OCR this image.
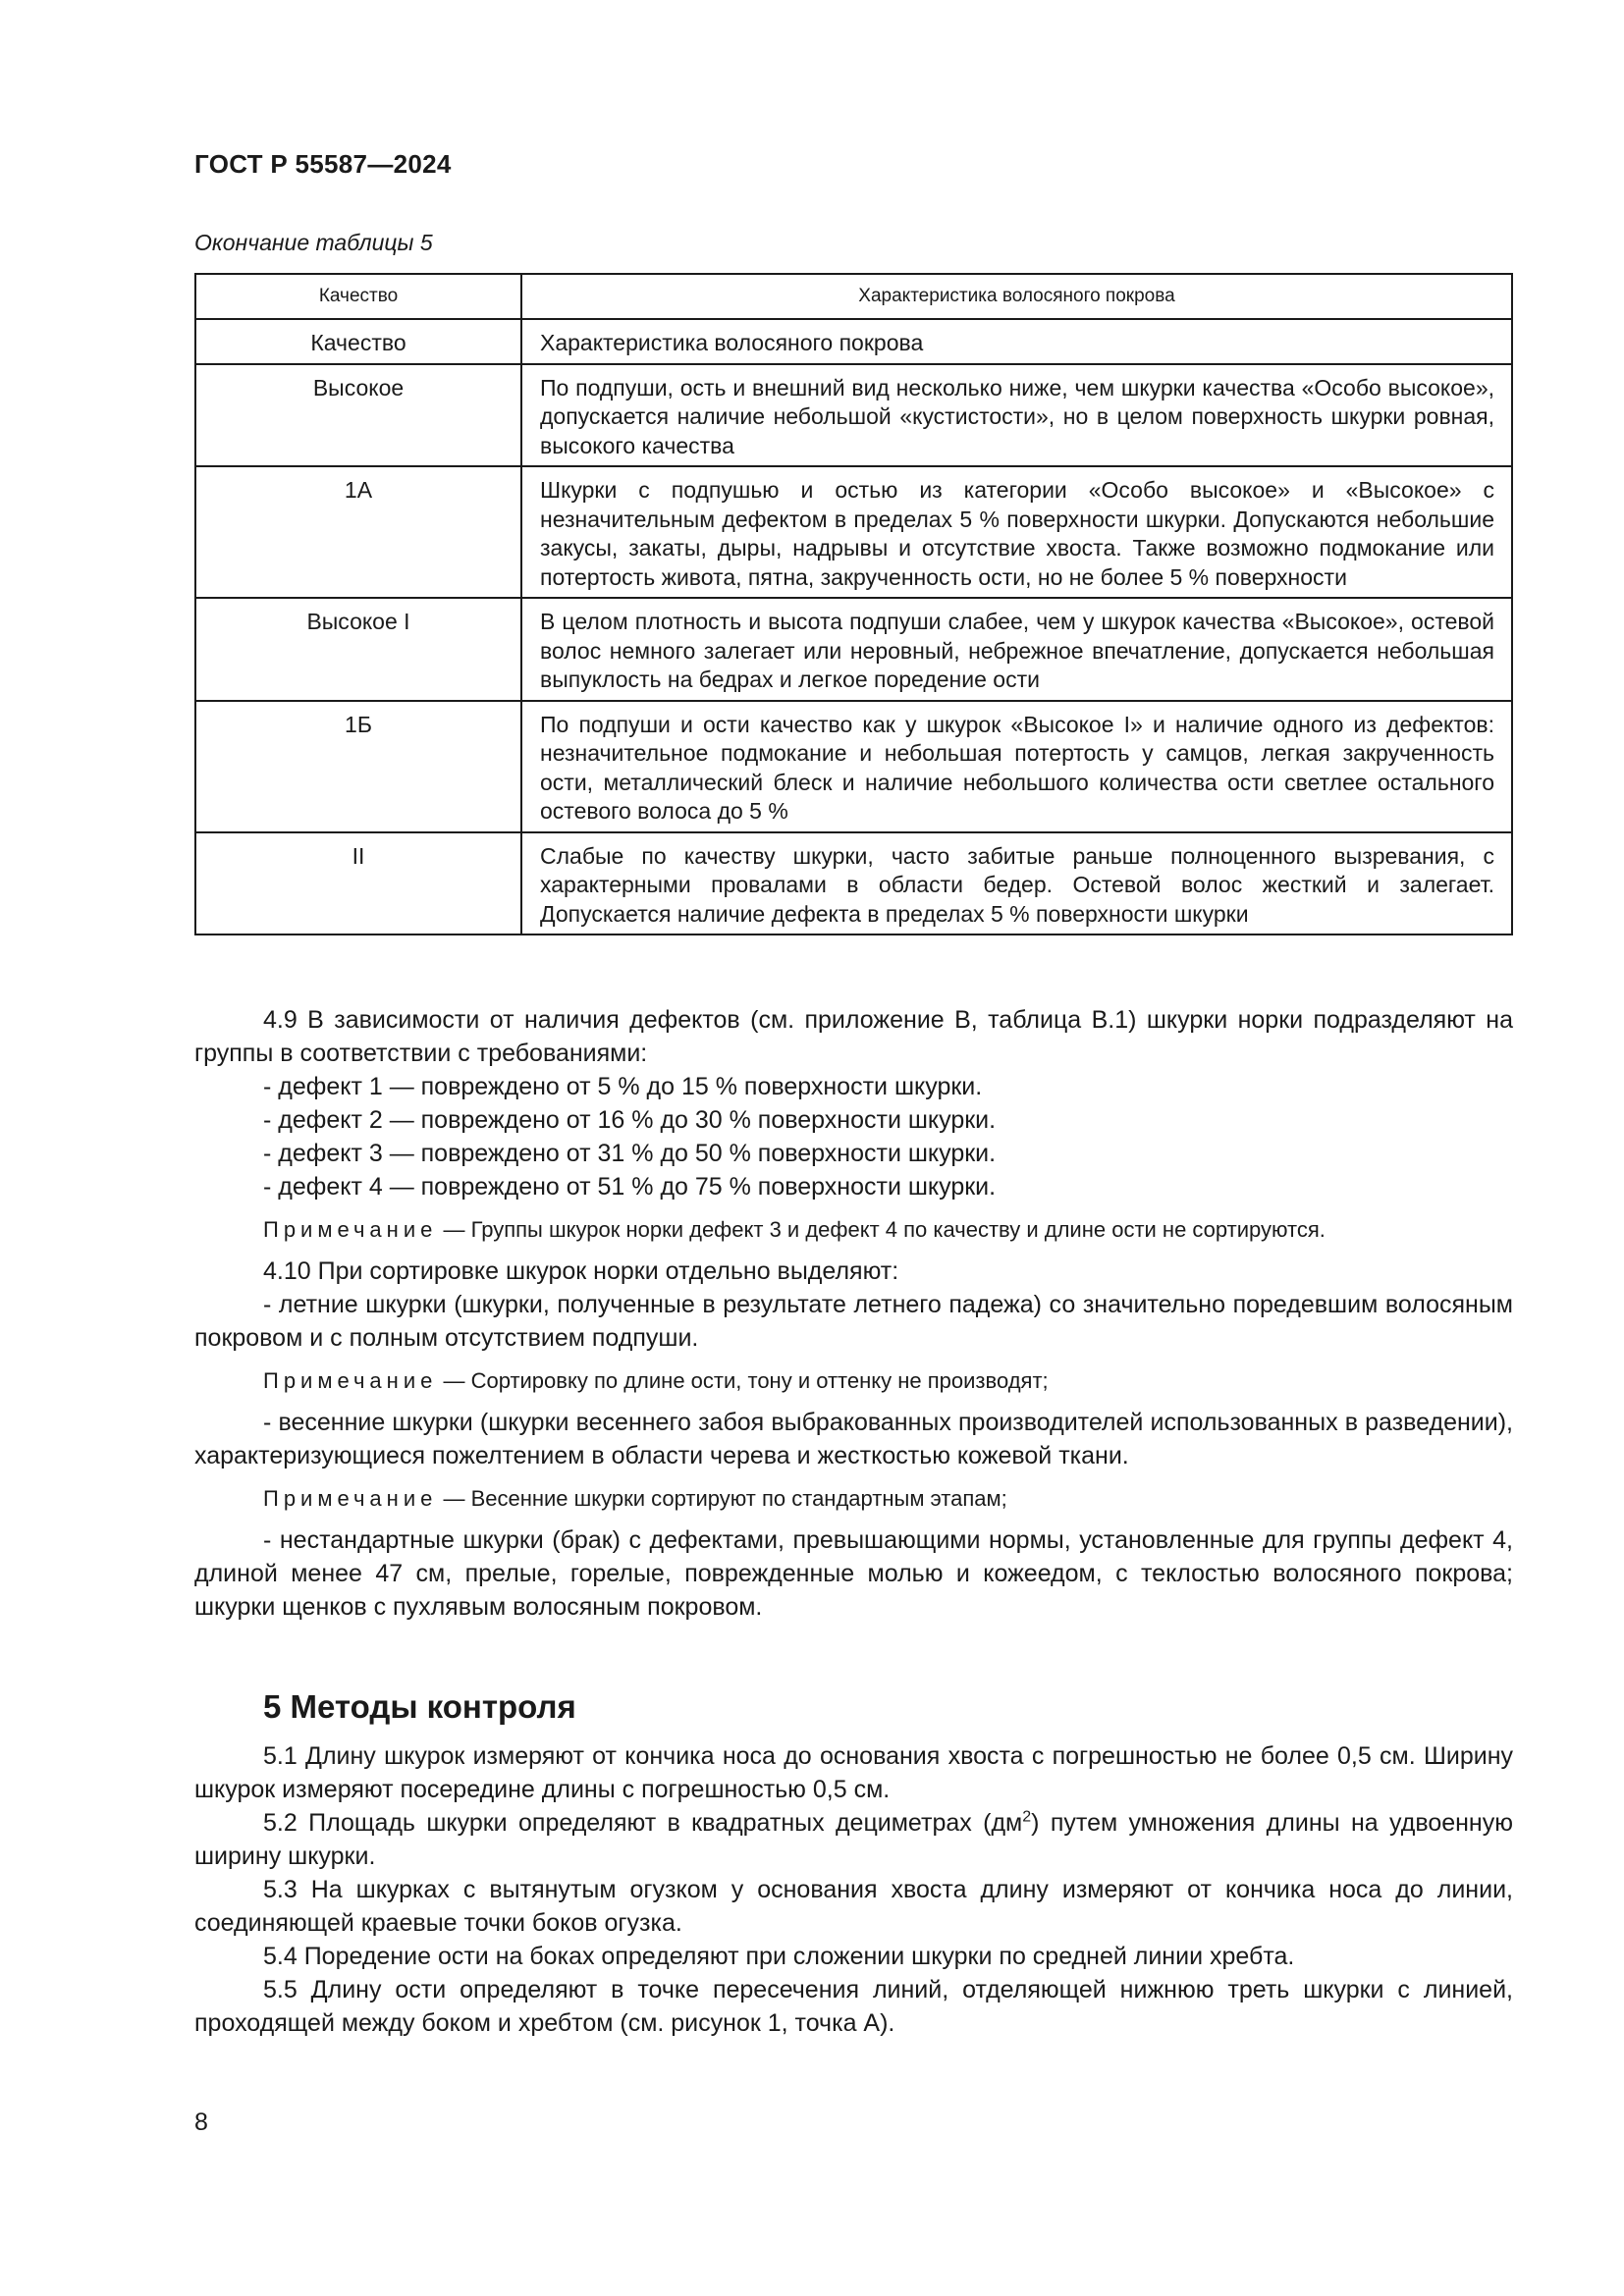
ГОСТ Р 55587—2024
Окончание таблицы 5
Качество	Характеристика волосяного покрова
Качество	Характеристика волосяного покрова
Высокое	По подпуши, ость и внешний вид несколько ниже, чем шкурки качества «Особо высокое», допускается наличие небольшой «кустистости», но в целом поверхность шкурки ровная, высокого качества
1А	Шкурки с подпушью и остью из категории «Особо высокое» и «Высокое» с незначительным дефектом в пределах 5 % поверхности шкурки. Допускаются небольшие закусы, закаты, дыры, надрывы и отсутствие хвоста. Также возможно подмокание или потертость живота, пятна, закрученность ости, но не более 5 % поверхности
Высокое I	В целом плотность и высота подпуши слабее, чем у шкурок качества «Высокое», остевой волос немного залегает или неровный, небрежное впечатление, допускается небольшая выпуклость на бедрах и легкое поредение ости
1Б	По подпуши и ости качество как у шкурок «Высокое I» и наличие одного из дефектов: незначительное подмокание и небольшая потертость у самцов, легкая закрученность ости, металлический блеск и наличие небольшого количества ости светлее остального остевого волоса до 5 %
II	Слабые по качеству шкурки, часто забитые раньше полноценного вызревания, с характерными провалами в области бедер. Остевой волос жесткий и залегает. Допускается наличие дефекта в пределах 5 % поверхности шкурки

4.9 В зависимости от наличия дефектов (см. приложение В, таблица В.1) шкурки норки подразделяют на группы в соответствии с требованиями:

- дефект 1 — повреждено от 5 % до 15 % поверхности шкурки.

- дефект 2 — повреждено от 16 % до 30 % поверхности шкурки.

- дефект 3 — повреждено от 31 % до 50 % поверхности шкурки.

- дефект 4 — повреждено от 51 % до 75 % поверхности шкурки.

Примечание — Группы шкурок норки дефект 3 и дефект 4 по качеству и длине ости не сортируются.

4.10 При сортировке шкурок норки отдельно выделяют:

- летние шкурки (шкурки, полученные в результате летнего падежа) со значительно поредевшим волосяным покровом и с полным отсутствием подпуши.

Примечание — Сортировку по длине ости, тону и оттенку не производят;

- весенние шкурки (шкурки весеннего забоя выбракованных производителей использованных в разведении), характеризующиеся пожелтением в области черева и жесткостью кожевой ткани.

Примечание — Весенние шкурки сортируют по стандартным этапам;

- нестандартные шкурки (брак) с дефектами, превышающими нормы, установленные для группы дефект 4, длиной менее 47 см, прелые, горелые, поврежденные молью и кожеедом, с теклостью волосяного покрова; шкурки щенков с пухлявым волосяным покровом.

5 Методы контроля

5.1 Длину шкурок измеряют от кончика носа до основания хвоста с погрешностью не более 0,5 см. Ширину шкурок измеряют посередине длины с погрешностью 0,5 см.

5.2 Площадь шкурки определяют в квадратных дециметрах $(дм^2)$ путем умножения длины на удвоенную ширину шкурки.

5.3 На шкурках с вытянутым огузком у основания хвоста длину измеряют от кончика носа до линии, соединяющей краевые точки боков огузка.

5.4 Поредение ости на боках определяют при сложении шкурки по средней линии хребта.

5.5 Длину ости определяют в точке пересечения линий, отделяющей нижнюю треть шкурки с линией, проходящей между боком и хребтом (см. рисунок 1, точка А).

8
